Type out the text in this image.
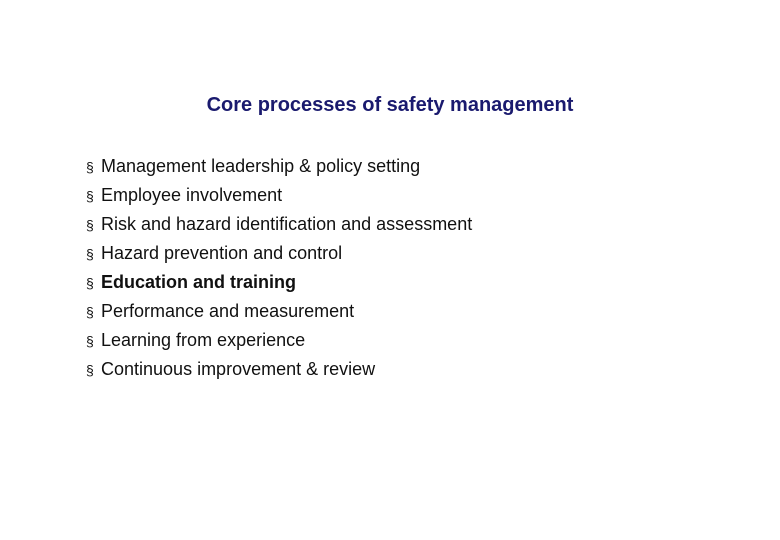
Core processes of safety management
§ Management leadership & policy setting
§ Employee involvement
§ Risk and hazard identification and assessment
§ Hazard prevention and control
§ Education and training
§ Performance and measurement
§ Learning from experience
§ Continuous improvement & review
